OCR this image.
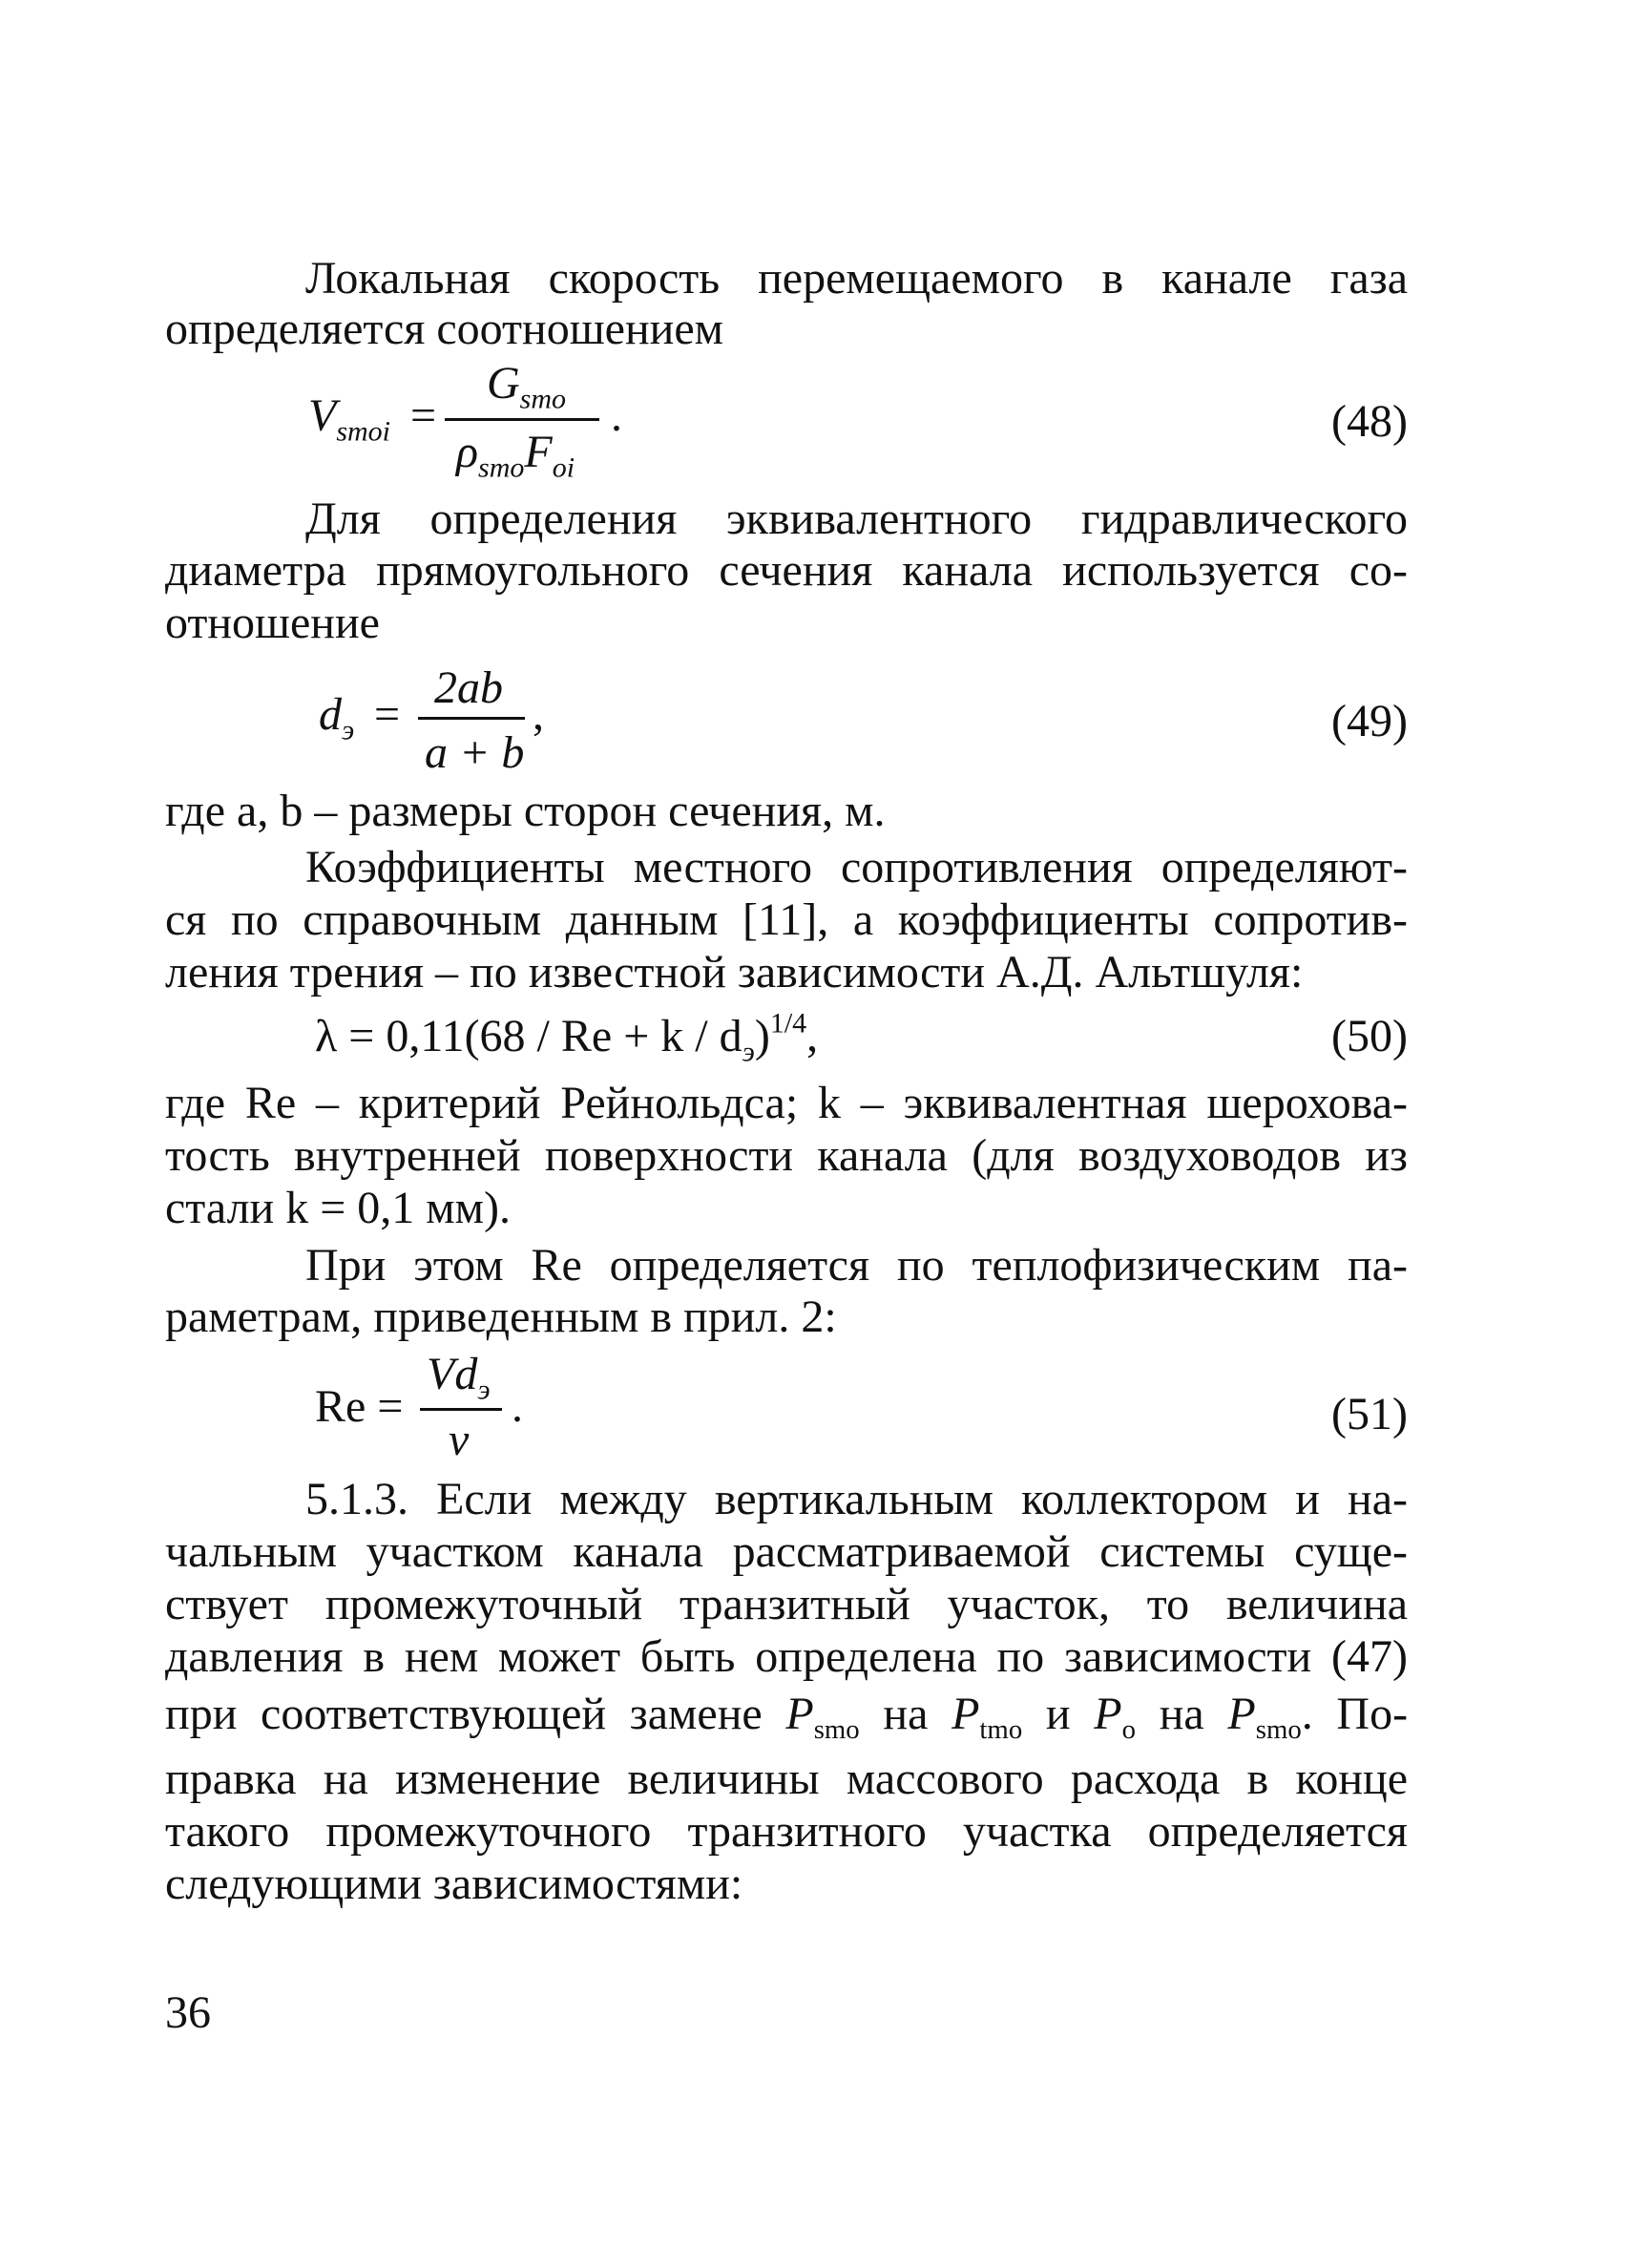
Локальная скорость перемещаемого в канале газа
определяется соотношением
$V_{smoi}$ =
$G_{smo}$
$\rho_{smo}F_{oi}$
.	(48)
Для определения эквивалентного гидравлического
диаметра прямоугольного сечения канала используется со-
отношение
$d_э$ =
2ab
a + b
,	(49)
где a, b – размеры сторон сечения, м.
Коэффициенты местного сопротивления определяют-
ся по справочным данным [11], а коэффициенты сопротив-
ления трения – по известной зависимости А.Д. Альтшуля:
$\lambda = 0,11(68 / Re + k / d_э)^{1/4}$,	(50)
где Re – критерий Рейнольдса; k – эквивалентная шерохова-
тость внутренней поверхности канала (для воздуховодов из
стали k = 0,1 мм).
При этом Re определяется по теплофизическим па-
раметрам, приведенным в прил. 2:
Re =
$Vd_э$
ν
.	(51)
5.1.3. Если между вертикальным коллектором и на-
чальным участком канала рассматриваемой системы суще-
ствует промежуточный транзитный участок, то величина
давления в нем может быть определена по зависимости (47)
при соответствующей замене $P_{smo}$ на $P_{tmo}$ и $P_o$ на $P_{smo}$. По-
правка на изменение величины массового расхода в конце
такого промежуточного транзитного участка определяется
следующими зависимостями:
36
